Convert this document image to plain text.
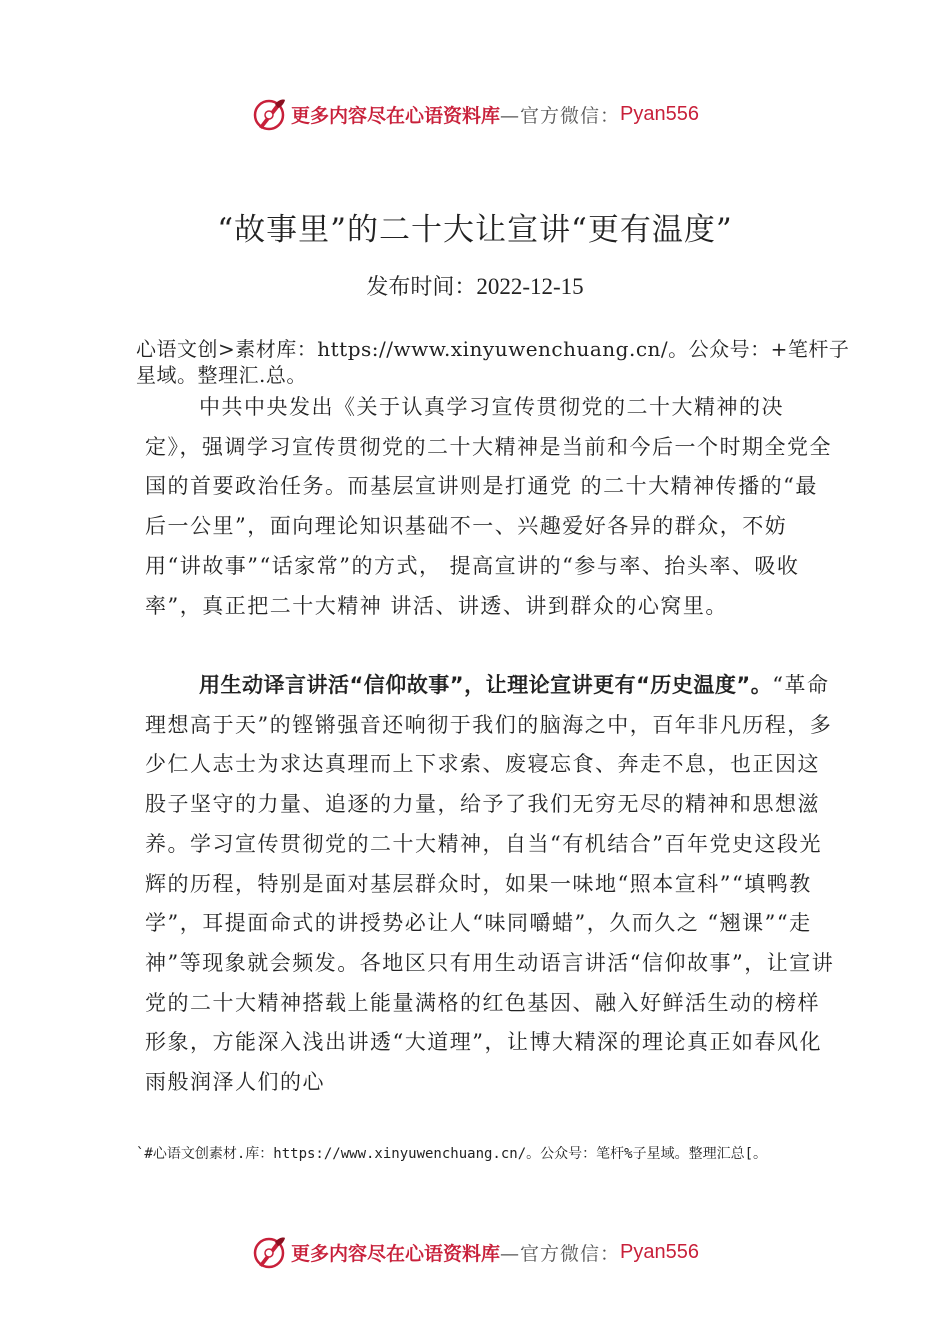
更多内容尽在心语资料库 —官方微信： Pyan556
“故事里”的二十大让宣讲“更有温度”
发布时间：2022-12-15
心语文创>素材库：https://www.xinyuwenchuang.cn/。公众号：+笔杆子星域。整理汇.总。
中共中央发出《关于认真学习宣传贯彻党的二十大精神的决定》，强调学习宣传贯彻党的二十大精神是当前和今后一个时期全党全国的首要政治任务。而基层宣讲则是打通党 的二十大精神传播的“最后一公里”，面向理论知识基础不一、兴趣爱好各异的群众，不妨用“讲故事”“话家常”的方式， 提高宣讲的“参与率、抬头率、吸收率”，真正把二十大精神 讲活、讲透、讲到群众的心窝里。
用生动译言讲活“信仰故事”，让理论宣讲更有“历史温度”。“革命理想高于天”的铿锵强音还响彻于我们的脑海之中，百年非凡历程，多少仁人志士为求达真理而上下求索、废寝忘食、奔走不息，也正因这股子坚守的力量、追逐的力量，给予了我们无穷无尽的精神和思想滋养。学习宣传贯彻党的二十大精神，自当“有机结合”百年党史这段光辉的历程，特别是面对基层群众时，如果一味地“照本宣科”“填鸭教学”，耳提面命式的讲授势必让人“味同嚼蜡”，久而久之 “翘课”“走神”等现象就会频发。各地区只有用生动语言讲活“信仰故事”，让宣讲党的二十大精神搭载上能量满格的红色基因、融入好鲜活生动的榜样形象，方能深入浅出讲透“大道理”，让博大精深的理论真正如春风化雨般润泽人们的心
`#心语文创素材.库：https://www.xinyuwenchuang.cn/。公众号：笔杆%子星域。整理汇总[。
更多内容尽在心语资料库 —官方微信： Pyan556
